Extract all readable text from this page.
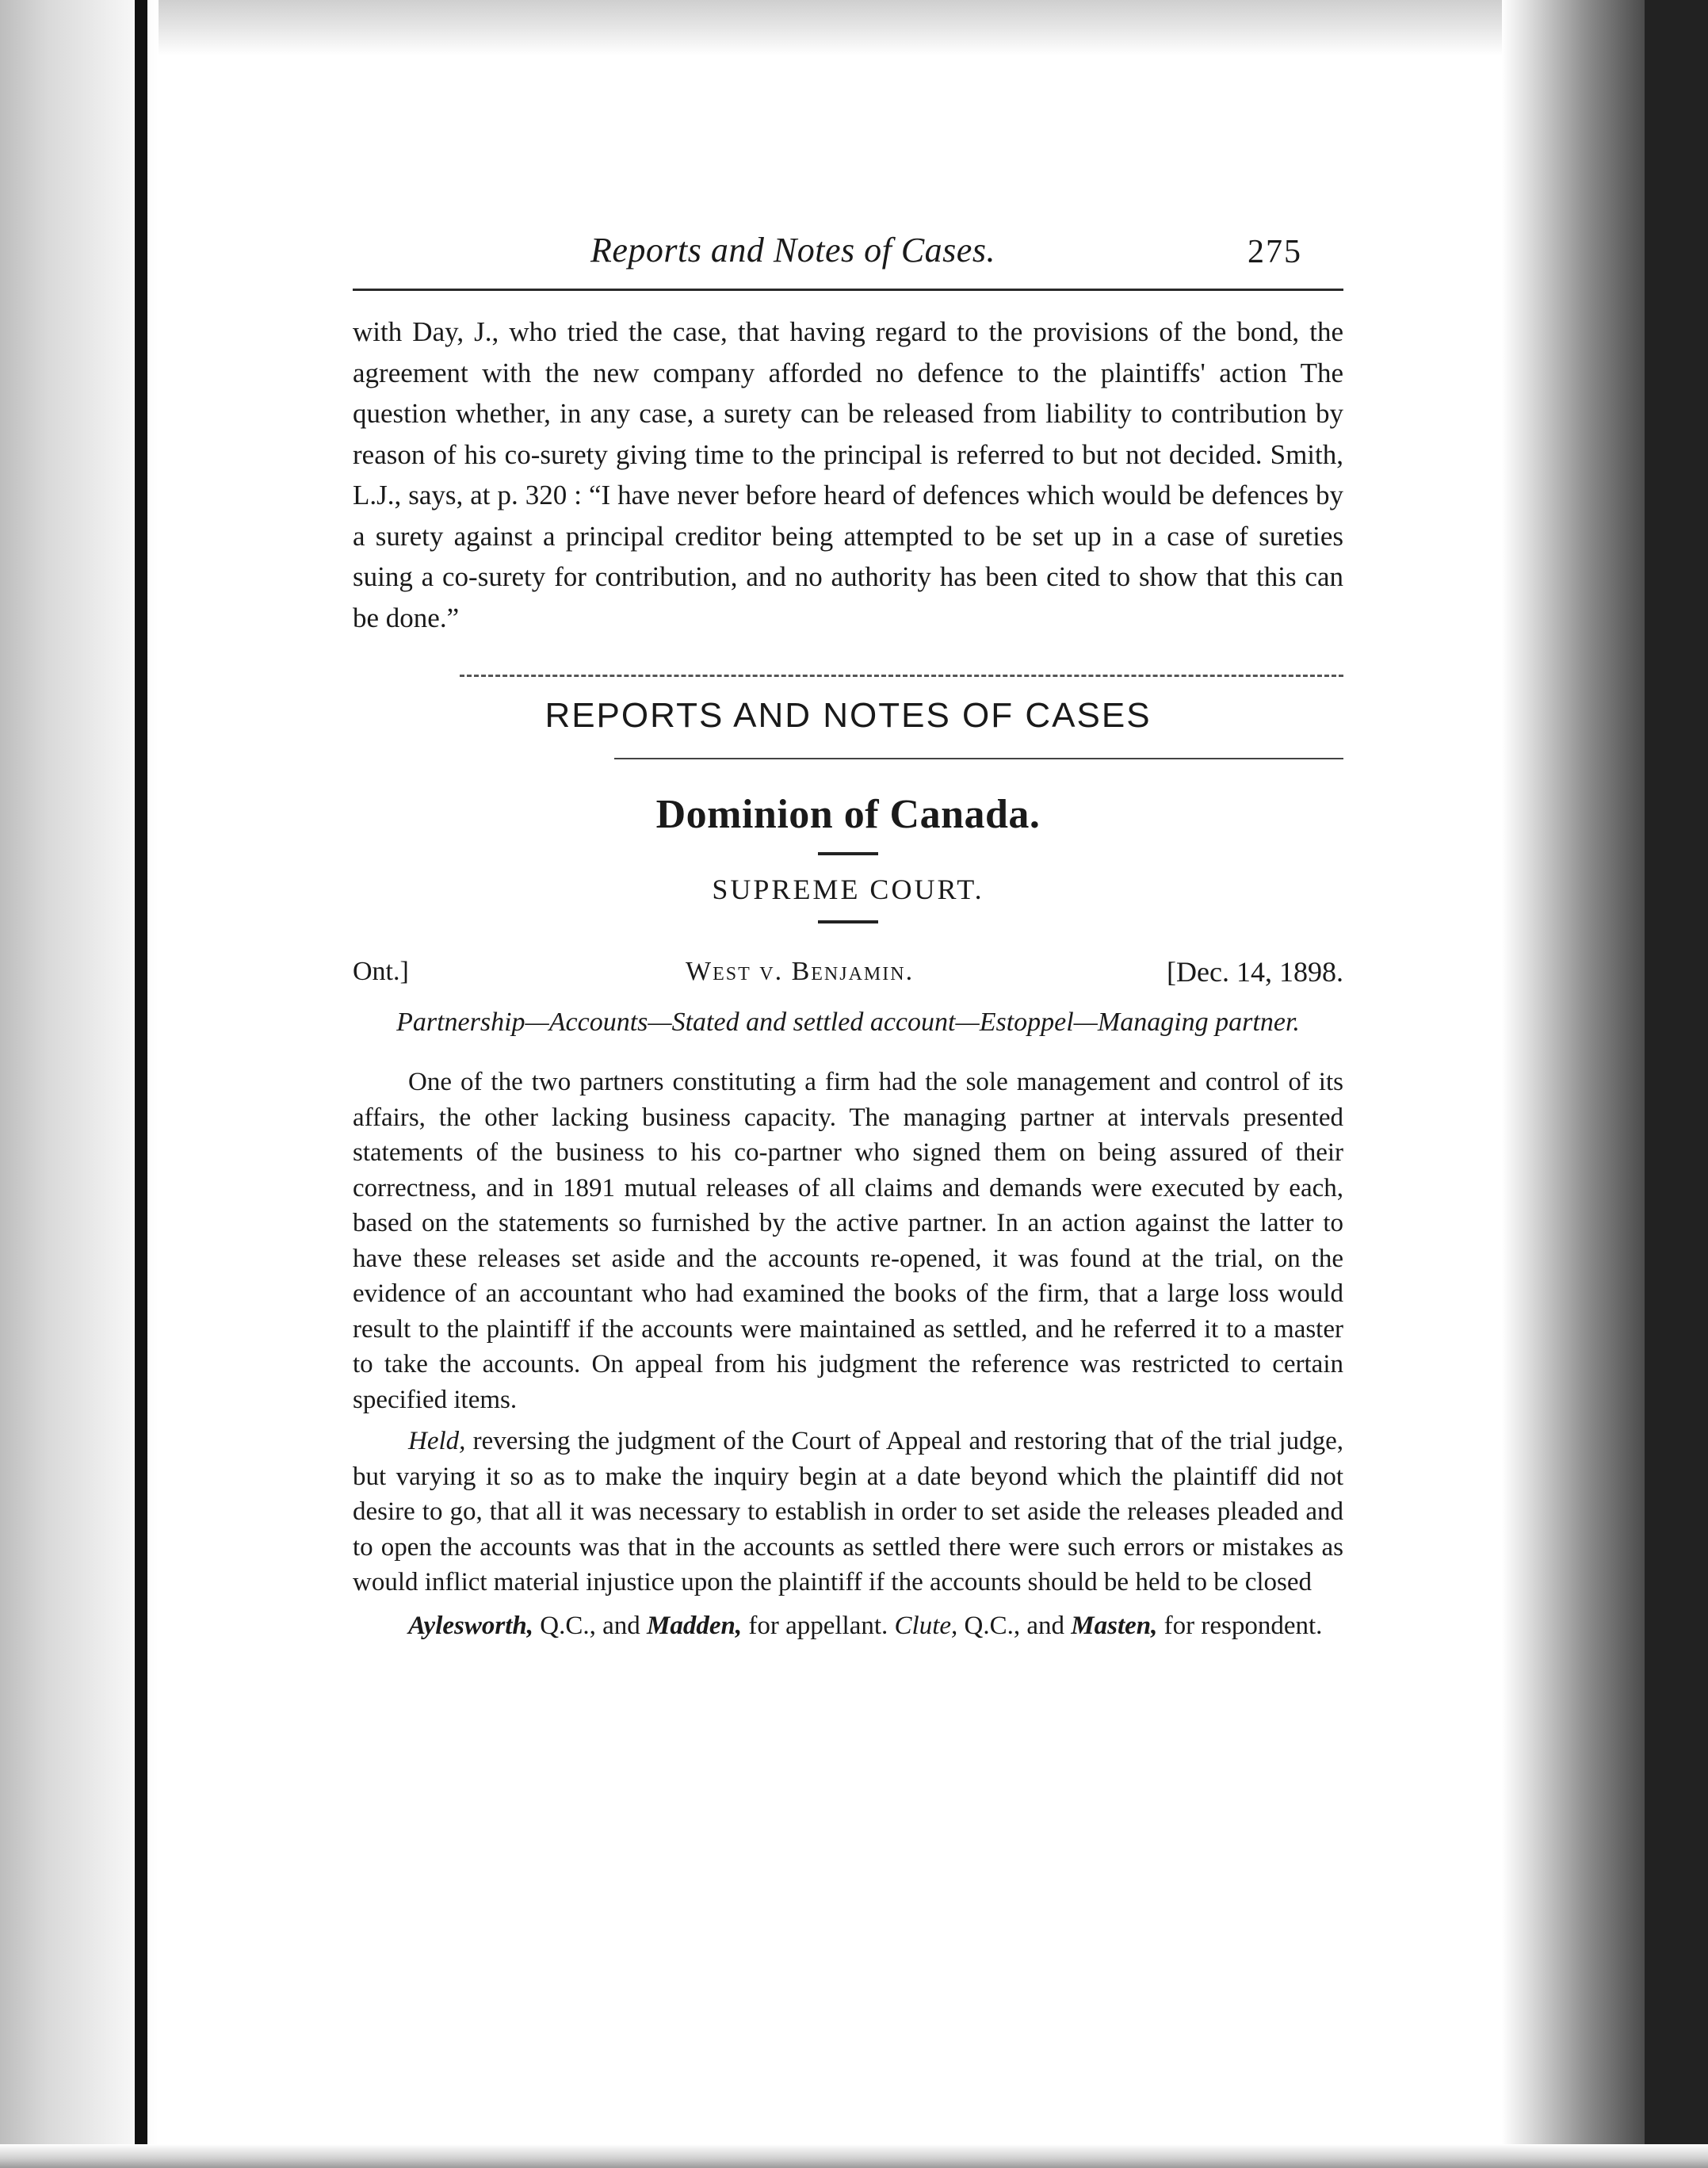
Reports and Notes of Cases.	275

with Day, J., who tried the case, that having regard to the provisions of the bond, the agreement with the new company afforded no defence to the plaintiffs' action The question whether, in any case, a surety can be released from liability to contribution by reason of his co-surety giving time to the principal is referred to but not decided. Smith, L.J., says, at p. 320 : “I have never before heard of defences which would be defences by a surety against a principal creditor being attempted to be set up in a case of sureties suing a co-surety for contribution, and no authority has been cited to show that this can be done.”

REPORTS AND NOTES OF CASES
Dominion of Canada.
SUPREME COURT.
Ont.]	West v. Benjamin.	[Dec. 14, 1898.
Partnership—Accounts—Stated and settled account—Estoppel—Managing partner.

One of the two partners constituting a firm had the sole management and control of its affairs, the other lacking business capacity. The managing partner at intervals presented statements of the business to his co-partner who signed them on being assured of their correctness, and in 1891 mutual releases of all claims and demands were executed by each, based on the statements so furnished by the active partner. In an action against the latter to have these releases set aside and the accounts re-opened, it was found at the trial, on the evidence of an accountant who had examined the books of the firm, that a large loss would result to the plaintiff if the accounts were maintained as settled, and he referred it to a master to take the accounts. On appeal from his judgment the reference was restricted to certain specified items.

Held, reversing the judgment of the Court of Appeal and restoring that of the trial judge, but varying it so as to make the inquiry begin at a date beyond which the plaintiff did not desire to go, that all it was necessary to establish in order to set aside the releases pleaded and to open the accounts was that in the accounts as settled there were such errors or mistakes as would inflict material injustice upon the plaintiff if the accounts should be held to be closed

Aylesworth, Q.C., and Madden, for appellant. Clute, Q.C., and Masten, for respondent.
